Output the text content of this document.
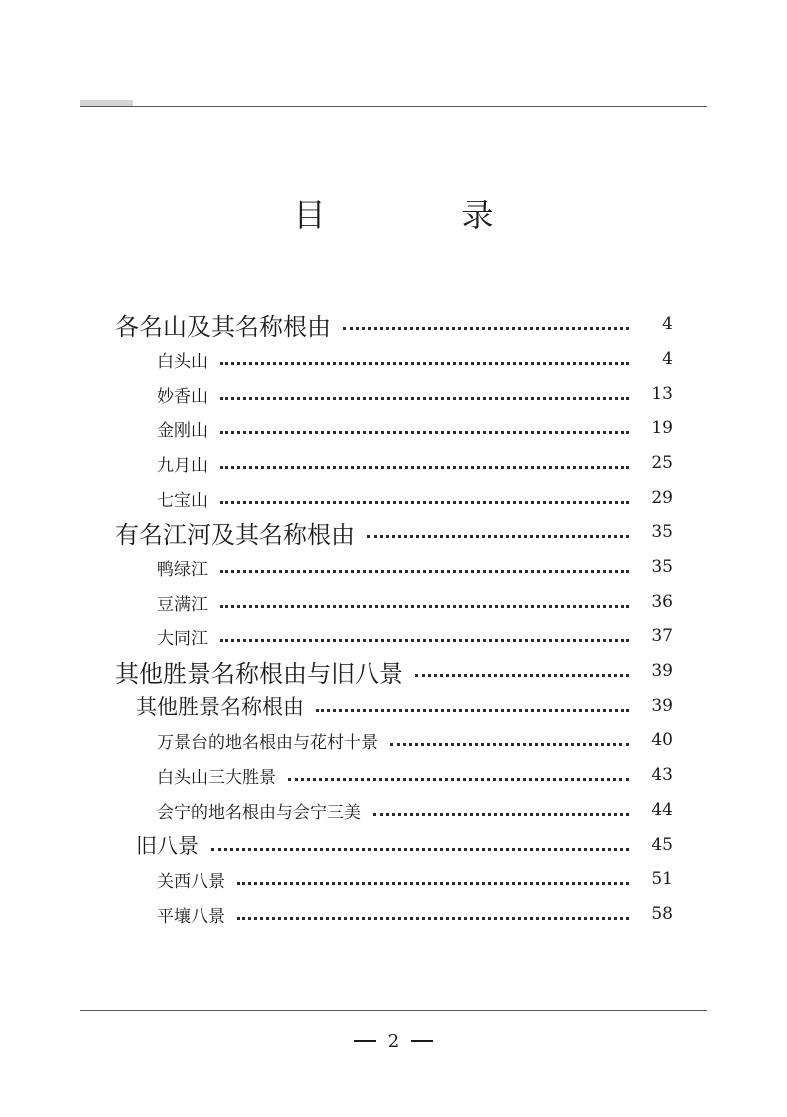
目　录
各名山及其名称根由	4
白头山	4
妙香山	13
金刚山	19
九月山	25
七宝山	29
有名江河及其名称根由	35
鸭绿江	35
豆满江	36
大同江	37
其他胜景名称根由与旧八景	39
其他胜景名称根由	39
万景台的地名根由与花村十景	40
白头山三大胜景	43
会宁的地名根由与会宁三美	44
旧八景	45
关西八景	51
平壤八景	58
2
